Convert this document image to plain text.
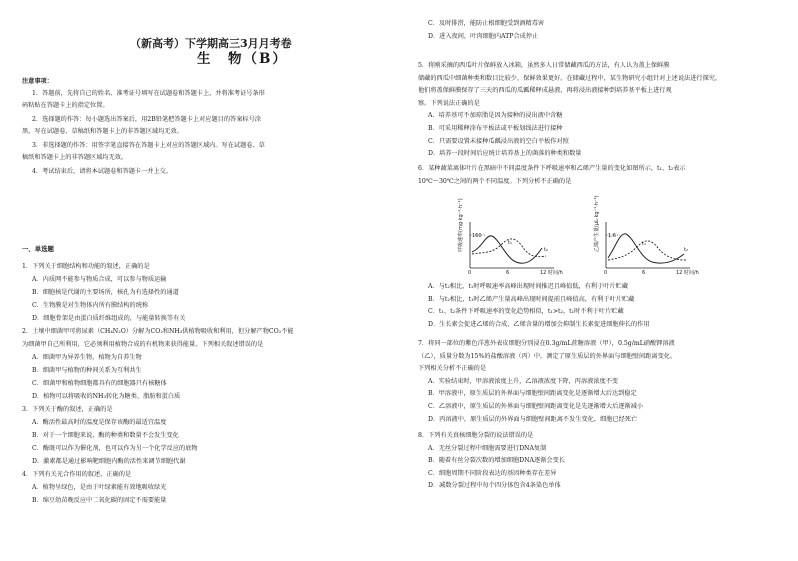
（新高考）下学期高三3月月考卷
生　物（B）
注意事项：
1．答题前，先将自己的姓名、准考证号填写在试题卷和答题卡上，并将准考证号条形
码粘贴在答题卡上的指定位置。
2．选择题的作答：每小题选出答案后，用2B铅笔把答题卡上对应题目的答案标号涂
黑，写在试题卷、草稿纸和答题卡上的非答题区域均无效。
3．非选择题的作答：用签字笔直接答在答题卡上对应的答题区域内。写在试题卷、草
稿纸和答题卡上的非答题区域均无效。
4．考试结束后，请将本试题卷和答题卡一并上交。
一、单选题
1．下列关于细胞结构和功能的叙述，正确的是
A．内质网不能参与物质合成，可以参与物质运输
B．细胞核是代谢的主要场所，核孔为有选择性的通道
C．生物膜是对生物体内所有膜结构的统称
D．细胞骨架是由蛋白质纤维组成的，与能量转换等有关
2．土壤中细菌甲可将尿素（CH₄N₂O）分解为CO₂和NH₃供植物吸收和利用，但分解产物CO₂不能
为细菌甲自己所利用，它必须利用植物合成的有机物来获得能量。下列相关叙述错误的是
A．细菌甲为异养生物，植物为自养生物
B．细菌甲与植物的种间关系为互利共生
C．细菌甲和植物细胞都具有的细胞器只有核糖体
D．植物可以将吸收的NH₃转化为糖类、脂肪和蛋白质
3．下列关于酶的叙述，正确的是
A．酶活性最高时的温度是保存该酶的最适宜温度
B．对于一个细胞来说，酶的种类和数量不会发生变化
C．酶既可以作为催化剂，也可以作为另一个化学反应的底物
D．激素都是通过影响靶细胞内酶的活性来调节细胞代谢
4．下列有关光合作用的叙述，正确的是
A．植物呈绿色，是由于叶绿素能有效地吸收绿光
B．绵豆幼苗晚反应中二氧化碳的固定不需要能量
C．及时排涝，能防止根细胞受到酒精毒害
D．进入夜间，叶肉细胞内ATP合成停止
5．将刚采摘的西瓜叶片保鲜放入冰箱，虽然多人日常储藏西瓜的方法，有人认为盖上保鲜膜
储藏的西瓜中细菌种类和数目比较少，保鲜效果更好。在储藏过程中，某生物研究小组针对上述说法进行探究，
他们将盖保鲜膜保存了三天的西瓜的瓜瓤稀释成悬液，再将浸出液接种到培养基平板上进行观
察。下列说法正确的是
A．培养基可不加琼脂是因为接种的浸出液中含糖
B．可采用稀释涂布平板法或平板划线法进行接种
C．只需要设置未接种瓜瓤浸出液的空白平板作对照
D．培养一段时间后应统计培养基上的菌落的种类和数量
6．某种蔬菜离体叶片在黑暗中不同温度条件下呼吸速率和乙烯产生量的变化如图所示，t₁、t₂表示
10℃～30℃之间的两个不同温度。下列分析不正确的是
呼吸速率(mg·kg⁻¹·h⁻¹) 160
t₁
t₂
0	6	12 时间/h
乙烯产生量(μL·kg⁻¹·h⁻¹) 1.6
t₁
t₂
0	6	12 时间/h
A．与t₂相比，t₁时呼吸速率高峰出现时间推迟且峰值低，有利于叶片贮藏
B．与t₂相比，t₁时乙烯产生量高峰出现时间提前且峰值高，有利于叶片贮藏
C．t₁、t₂条件下呼吸速率的变化趋势相似，t₁>t₂，t₁时不利于叶片贮藏
D．生长素会促进乙烯的合成，乙烯含量的增加会抑制生长素促进细胞伸长的作用
7．将同一部位的紫色洋葱外表皮细胞分别浸在0.3g/mL蔗糖溶液（甲），0.5g/mL硝酸钾溶液
（乙），质量分数为15%的盐酸溶液（丙）中，测定了原生质层的外界面与细胞壁间距离变化。
下列相关分析不正确的是
A．实验结束时，甲溶液浓度上升，乙溶液浓度下降，丙溶液浓度不变
B．甲溶液中，原生质层的外界面与细胞壁间距离变化是逐渐增大后达到稳定
C．乙溶液中，原生质层的外界面与细胞壁间距离变化是先逐渐增大后逐渐减小
D．丙溶液中，原生质层的外界面与细胞壁间距离不发生变化，细胞已经死亡
8．下列有关真核细胞分裂的说法错误的是
A．无丝分裂过程中细胞需要进行DNA复制
B．随着有丝分裂次数的增加细胞DNA逐渐会变长
C．细胞周期不同阶段表达的基因种类存在差异
D．减数分裂过程中每个四分体包含4条染色单体
